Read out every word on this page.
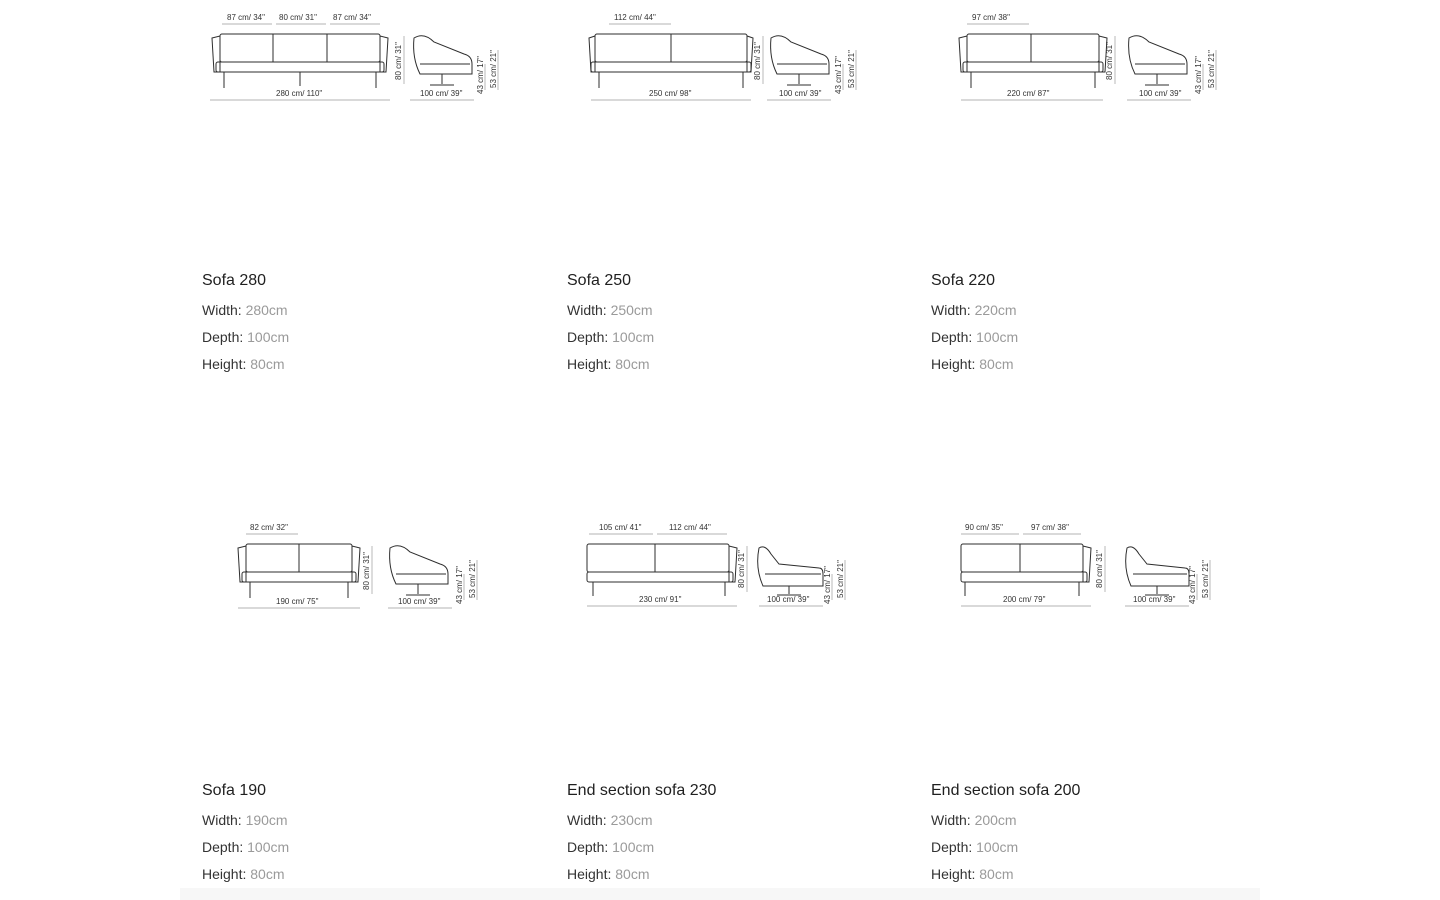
87 cm/ 34" 80 cm/ 31" 87 cm/ 34"
280 cm/ 110"
80 cm/ 31"
100 cm/ 39" 43 cm/ 17" 53 cm/ 21"
Sofa 280
Width: 280cm
Depth: 100cm
Height: 80cm
112 cm/ 44"
250 cm/ 98"
80 cm/ 31"
100 cm/ 39" 43 cm/ 17" 53 cm/ 21"
Sofa 250
Width: 250cm
Depth: 100cm
Height: 80cm
97 cm/ 38"
220 cm/ 87"
80 cm/ 31"
100 cm/ 39" 43 cm/ 17" 53 cm/ 21"
Sofa 220
Width: 220cm
Depth: 100cm
Height: 80cm
82 cm/ 32"
190 cm/ 75"
80 cm/ 31"
100 cm/ 39" 43 cm/ 17" 53 cm/ 21"
Sofa 190
Width: 190cm
Depth: 100cm
Height: 80cm
105 cm/ 41"	112 cm/ 44"
230 cm/ 91"
80 cm/ 31"
100 cm/ 39" 43 cm/ 17" 53 cm/ 21"
End section sofa 230
Width: 230cm
Depth: 100cm
Height: 80cm
90 cm/ 35"	97 cm/ 38"
200 cm/ 79"
80 cm/ 31"
100 cm/ 39" 43 cm/ 17" 53 cm/ 21"
End section sofa 200
Width: 200cm
Depth: 100cm
Height: 80cm
